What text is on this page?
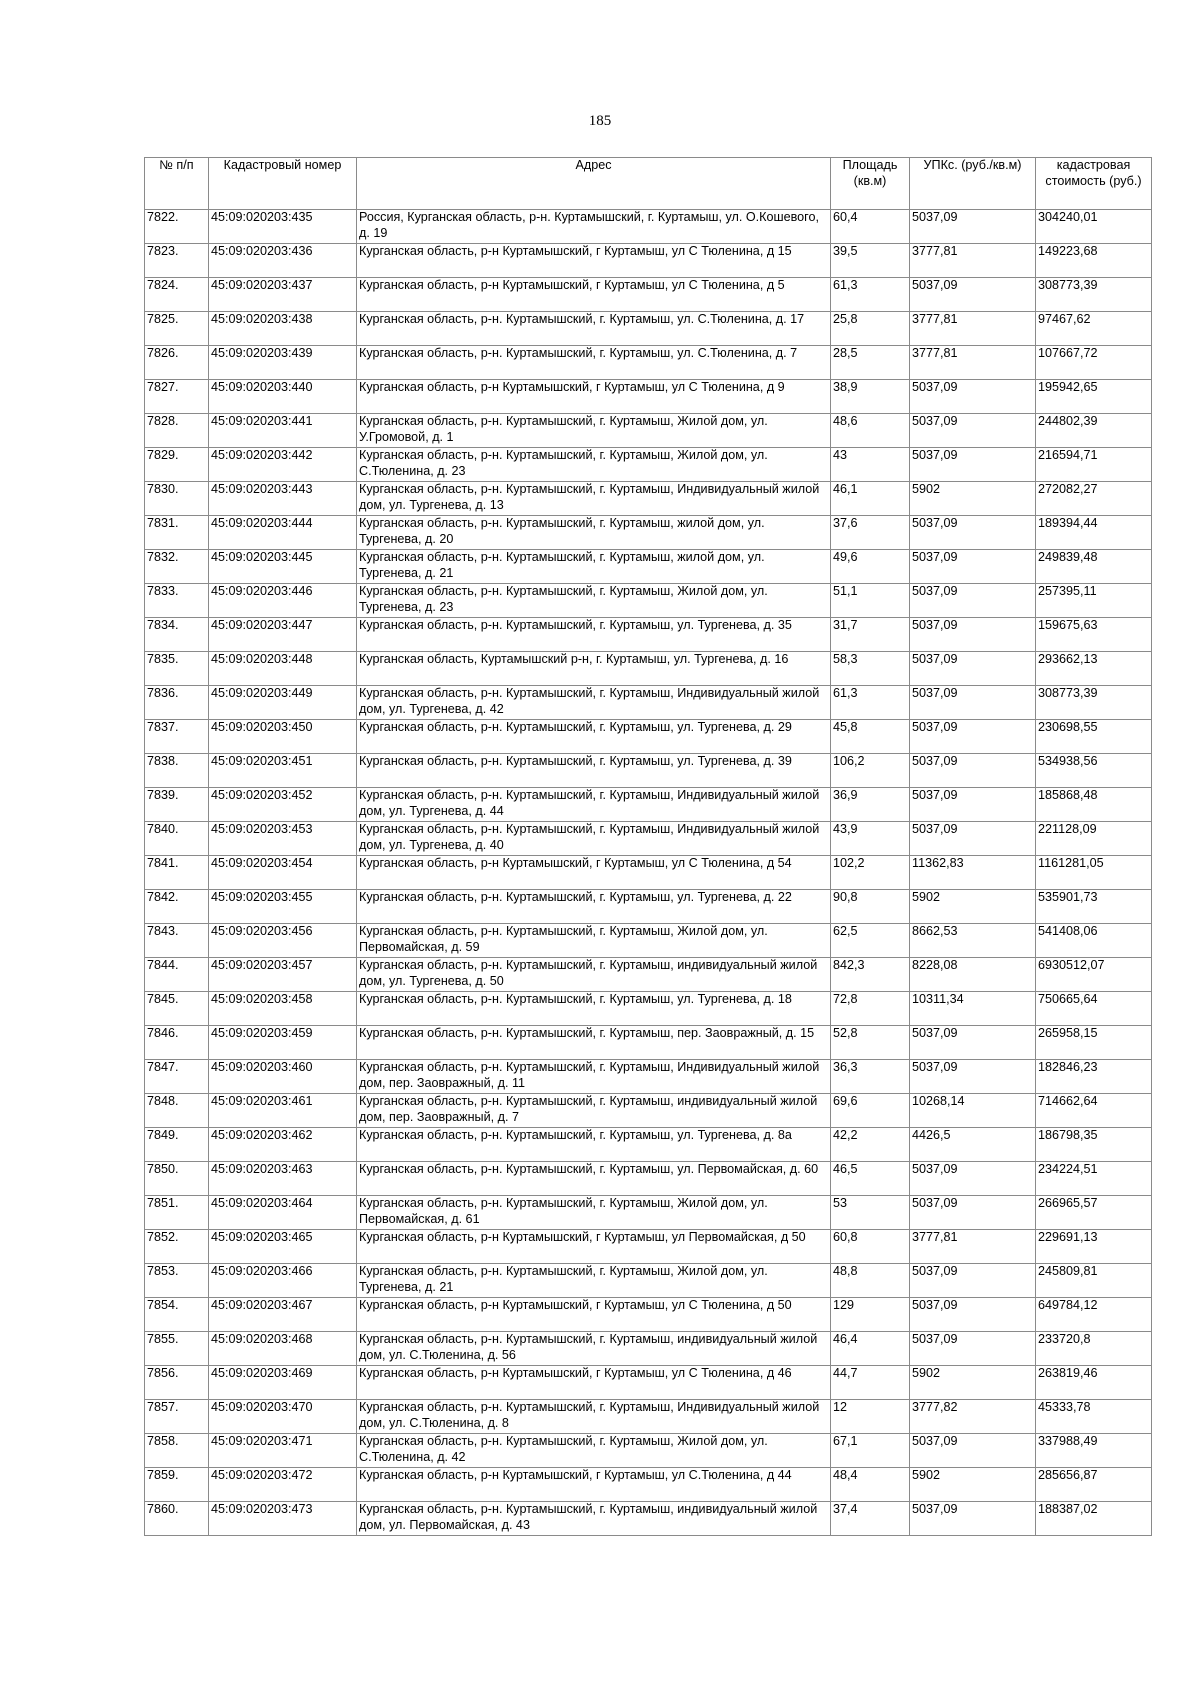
185
№ п/п	Кадастровый номер	Адрес	Площадь (кв.м)	УПКс. (руб./кв.м)	кадастровая стоимость (руб.)
7822.	45:09:020203:435	Россия, Курганская область, р-н. Куртамышский, г. Куртамыш, ул. О.Кошевого, д. 19	60,4	5037,09	304240,01
7823.	45:09:020203:436	Курганская область, р-н Куртамышский, г Куртамыш, ул С Тюленина, д 15	39,5	3777,81	149223,68
7824.	45:09:020203:437	Курганская область, р-н Куртамышский, г Куртамыш, ул С Тюленина, д 5	61,3	5037,09	308773,39
7825.	45:09:020203:438	Курганская область, р-н. Куртамышский, г. Куртамыш, ул. С.Тюленина, д. 17	25,8	3777,81	97467,62
7826.	45:09:020203:439	Курганская область, р-н. Куртамышский, г. Куртамыш, ул. С.Тюленина, д. 7	28,5	3777,81	107667,72
7827.	45:09:020203:440	Курганская область, р-н Куртамышский, г Куртамыш, ул С Тюленина, д 9	38,9	5037,09	195942,65
7828.	45:09:020203:441	Курганская область, р-н. Куртамышский, г. Куртамыш, Жилой дом, ул. У.Громовой, д. 1	48,6	5037,09	244802,39
7829.	45:09:020203:442	Курганская область, р-н. Куртамышский, г. Куртамыш, Жилой дом, ул. С.Тюленина, д. 23	43	5037,09	216594,71
7830.	45:09:020203:443	Курганская область, р-н. Куртамышский, г. Куртамыш, Индивидуальный жилой дом, ул. Тургенева, д. 13	46,1	5902	272082,27
7831.	45:09:020203:444	Курганская область, р-н. Куртамышский, г. Куртамыш, жилой дом, ул. Тургенева, д. 20	37,6	5037,09	189394,44
7832.	45:09:020203:445	Курганская область, р-н. Куртамышский, г. Куртамыш, жилой дом, ул. Тургенева, д. 21	49,6	5037,09	249839,48
7833.	45:09:020203:446	Курганская область, р-н. Куртамышский, г. Куртамыш, Жилой дом, ул. Тургенева, д. 23	51,1	5037,09	257395,11
7834.	45:09:020203:447	Курганская область, р-н. Куртамышский, г. Куртамыш, ул. Тургенева, д. 35	31,7	5037,09	159675,63
7835.	45:09:020203:448	Курганская область, Куртамышский р-н, г. Куртамыш, ул. Тургенева, д. 16	58,3	5037,09	293662,13
7836.	45:09:020203:449	Курганская область, р-н. Куртамышский, г. Куртамыш, Индивидуальный жилой дом, ул. Тургенева, д. 42	61,3	5037,09	308773,39
7837.	45:09:020203:450	Курганская область, р-н. Куртамышский, г. Куртамыш, ул. Тургенева, д. 29	45,8	5037,09	230698,55
7838.	45:09:020203:451	Курганская область, р-н. Куртамышский, г. Куртамыш, ул. Тургенева, д. 39	106,2	5037,09	534938,56
7839.	45:09:020203:452	Курганская область, р-н. Куртамышский, г. Куртамыш, Индивидуальный жилой дом, ул. Тургенева, д. 44	36,9	5037,09	185868,48
7840.	45:09:020203:453	Курганская область, р-н. Куртамышский, г. Куртамыш, Индивидуальный жилой дом, ул. Тургенева, д. 40	43,9	5037,09	221128,09
7841.	45:09:020203:454	Курганская область, р-н Куртамышский, г Куртамыш, ул С Тюленина, д 54	102,2	11362,83	1161281,05
7842.	45:09:020203:455	Курганская область, р-н. Куртамышский, г. Куртамыш, ул. Тургенева, д. 22	90,8	5902	535901,73
7843.	45:09:020203:456	Курганская область, р-н. Куртамышский, г. Куртамыш, Жилой дом, ул. Первомайская, д. 59	62,5	8662,53	541408,06
7844.	45:09:020203:457	Курганская область, р-н. Куртамышский, г. Куртамыш, индивидуальный жилой дом, ул. Тургенева, д. 50	842,3	8228,08	6930512,07
7845.	45:09:020203:458	Курганская область, р-н. Куртамышский, г. Куртамыш, ул. Тургенева, д. 18	72,8	10311,34	750665,64
7846.	45:09:020203:459	Курганская область, р-н. Куртамышский, г. Куртамыш, пер. Заовражный, д. 15	52,8	5037,09	265958,15
7847.	45:09:020203:460	Курганская область, р-н. Куртамышский, г. Куртамыш, Индивидуальный жилой дом, пер. Заовражный, д. 11	36,3	5037,09	182846,23
7848.	45:09:020203:461	Курганская область, р-н. Куртамышский, г. Куртамыш, индивидуальный жилой дом, пер. Заовражный, д. 7	69,6	10268,14	714662,64
7849.	45:09:020203:462	Курганская область, р-н. Куртамышский, г. Куртамыш, ул. Тургенева, д. 8а	42,2	4426,5	186798,35
7850.	45:09:020203:463	Курганская область, р-н. Куртамышский, г. Куртамыш, ул. Первомайская, д. 60	46,5	5037,09	234224,51
7851.	45:09:020203:464	Курганская область, р-н. Куртамышский, г. Куртамыш, Жилой дом, ул. Первомайская, д. 61	53	5037,09	266965,57
7852.	45:09:020203:465	Курганская область, р-н Куртамышский, г Куртамыш, ул Первомайская, д 50	60,8	3777,81	229691,13
7853.	45:09:020203:466	Курганская область, р-н. Куртамышский, г. Куртамыш, Жилой дом, ул. Тургенева, д. 21	48,8	5037,09	245809,81
7854.	45:09:020203:467	Курганская область, р-н Куртамышский, г Куртамыш, ул С Тюленина, д 50	129	5037,09	649784,12
7855.	45:09:020203:468	Курганская область, р-н. Куртамышский, г. Куртамыш, индивидуальный жилой дом, ул. С.Тюленина, д. 56	46,4	5037,09	233720,8
7856.	45:09:020203:469	Курганская область, р-н Куртамышский, г Куртамыш, ул С Тюленина, д 46	44,7	5902	263819,46
7857.	45:09:020203:470	Курганская область, р-н. Куртамышский, г. Куртамыш, Индивидуальный жилой дом, ул. С.Тюленина, д. 8	12	3777,82	45333,78
7858.	45:09:020203:471	Курганская область, р-н. Куртамышский, г. Куртамыш, Жилой дом, ул. С.Тюленина, д. 42	67,1	5037,09	337988,49
7859.	45:09:020203:472	Курганская область, р-н Куртамышский, г Куртамыш, ул С.Тюленина, д 44	48,4	5902	285656,87
7860.	45:09:020203:473	Курганская область, р-н. Куртамышский, г. Куртамыш, индивидуальный жилой дом, ул. Первомайская, д. 43	37,4	5037,09	188387,02
